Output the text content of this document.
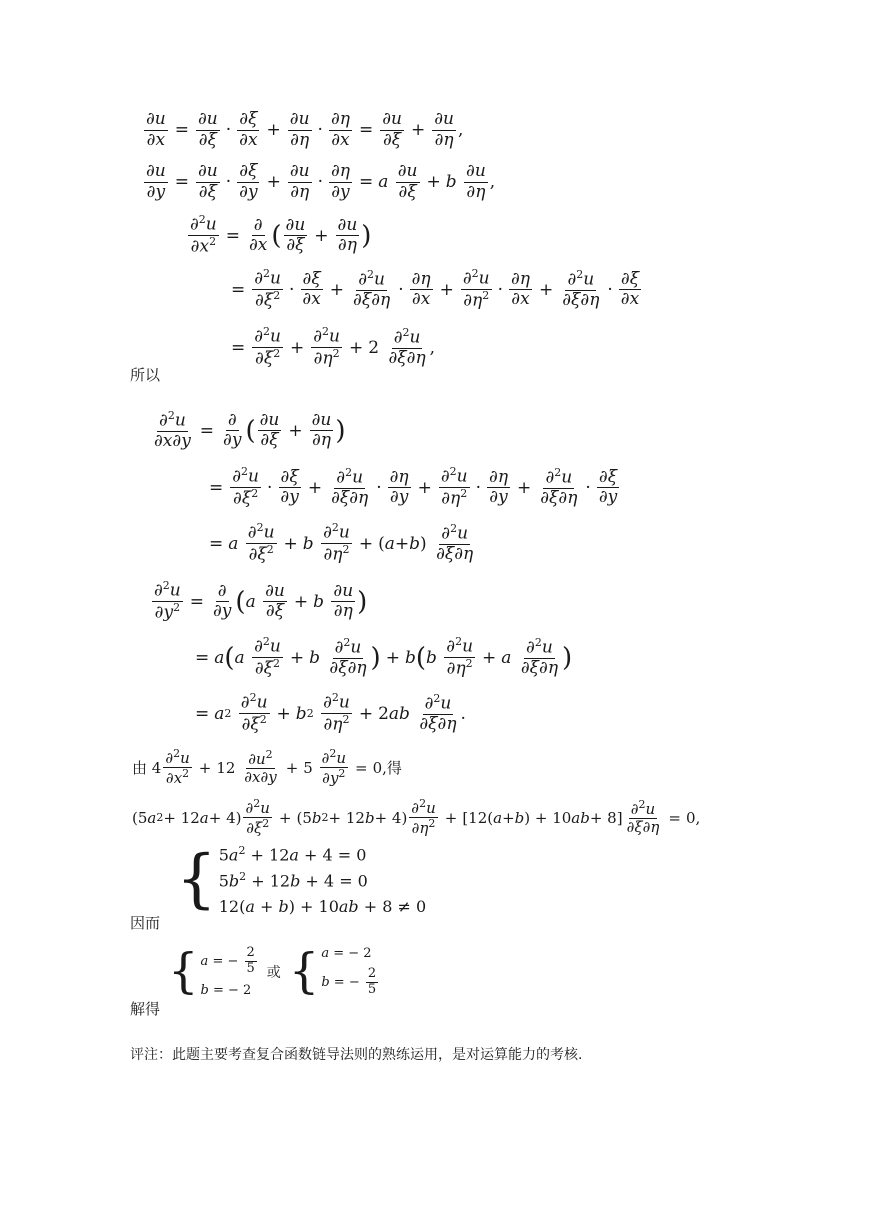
$\frac{\partial u}{\partial x} = \frac{\partial u}{\partial\xi} \cdot \frac{\partial\xi}{\partial x} + \frac{\partial u}{\partial\eta} \cdot \frac{\partial\eta}{\partial x} = \frac{\partial u}{\partial\xi} + \frac{\partial u}{\partial\eta}$ ,
$\frac{\partial u}{\partial y} = \frac{\partial u}{\partial\xi} \cdot \frac{\partial\xi}{\partial y} + \frac{\partial u}{\partial\eta} \cdot \frac{\partial\eta}{\partial y} = a$
$\frac{\partial u}{\partial\xi} + b$
$\frac{\partial u}{\partial\eta}$ ,
$\frac{\partial^2u}{\partial x^2} = \frac{\partial}{\partial x}$ ( $\frac{\partial u}{\partial\xi} + \frac{\partial u}{\partial\eta}$ )
= $\frac{\partial^2u}{\partial\xi^2} \cdot \frac{\partial\xi}{\partial x} + \frac{\partial^2u}{\partial\xi\partial\eta} \cdot \frac{\partial\eta}{\partial x} + \frac{\partial^2u}{\partial\eta^2} \cdot \frac{\partial\eta}{\partial x} + \frac{\partial^2u}{\partial\xi\partial\eta} \cdot \frac{\partial\xi}{\partial x}$
= $\frac{\partial^2u}{\partial\xi^2} + \frac{\partial^2u}{\partial\eta^2} + 2 \frac{\partial^2u}{\partial\xi\partial\eta}$ ,
所以
$\frac{\partial^2u}{\partial x\partial y} = \frac{\partial}{\partial y}$ ( $\frac{\partial u}{\partial\xi} + \frac{\partial u}{\partial\eta}$ )
= $\frac{\partial^2u}{\partial\xi^2} \cdot \frac{\partial\xi}{\partial y} + \frac{\partial^2u}{\partial\xi\partial\eta} \cdot \frac{\partial\eta}{\partial y} + \frac{\partial^2u}{\partial\eta^2} \cdot \frac{\partial\eta}{\partial y} + \frac{\partial^2u}{\partial\xi\partial\eta} \cdot \frac{\partial\xi}{\partial y}$
= a
$\frac{\partial^2u}{\partial\xi^2} + b$
$\frac{\partial^2u}{\partial\eta^2}$ + ( a + b ) $\frac{\partial^2u}{\partial\xi\partial\eta}$
$\frac{\partial^2u}{\partial y^2} = \frac{\partial}{\partial y}$ ( a
$\frac{\partial u}{\partial\xi} + b$
$\frac{\partial u}{\partial\eta}$ )
= a ( a
$\frac{\partial^2u}{\partial\xi^2} + b$
$\frac{\partial^2u}{\partial\xi\partial\eta}$ ) + b ( b
$\frac{\partial^2u}{\partial\eta^2} + a$
$\frac{\partial^2u}{\partial\xi\partial\eta}$ )
= a 2
$\frac{\partial^2u}{\partial\xi^2} + b$ 2
$\frac{\partial^2u}{\partial\eta^2} + 2$ ab
$\frac{\partial^2u}{\partial\xi\partial\eta}$ .
由 $4 \frac{\partial^2u}{\partial x^2} + 12 \frac{\partial u^2}{\partial x\partial y} + 5 \frac{\partial^2u}{\partial y^2} = 0$, 得
(5 a 2 + 12 $a + 4) \frac{\partial^2u}{\partial\xi^2} + (5$ b 2 + 12 $b + 4) \frac{\partial^2u}{\partial\eta^2} + [12$( a + b ) + 10 ab + $8] \frac{\partial^2u}{\partial\xi\partial\eta} = 0$,
{ $5a^2 + 12a + 4 = 0$
$5b^2 + 12b + 4 = 0$
12(a + b) + 10ab + 8 ≠ 0
因而
{ a = − $\frac{2}{5}$
b = − 2
或 { a = − 2
b = − $\frac{2}{5}$
解得
评注：此题主要考查复合函数链导法则的熟练运用，是对运算能力的考核.
